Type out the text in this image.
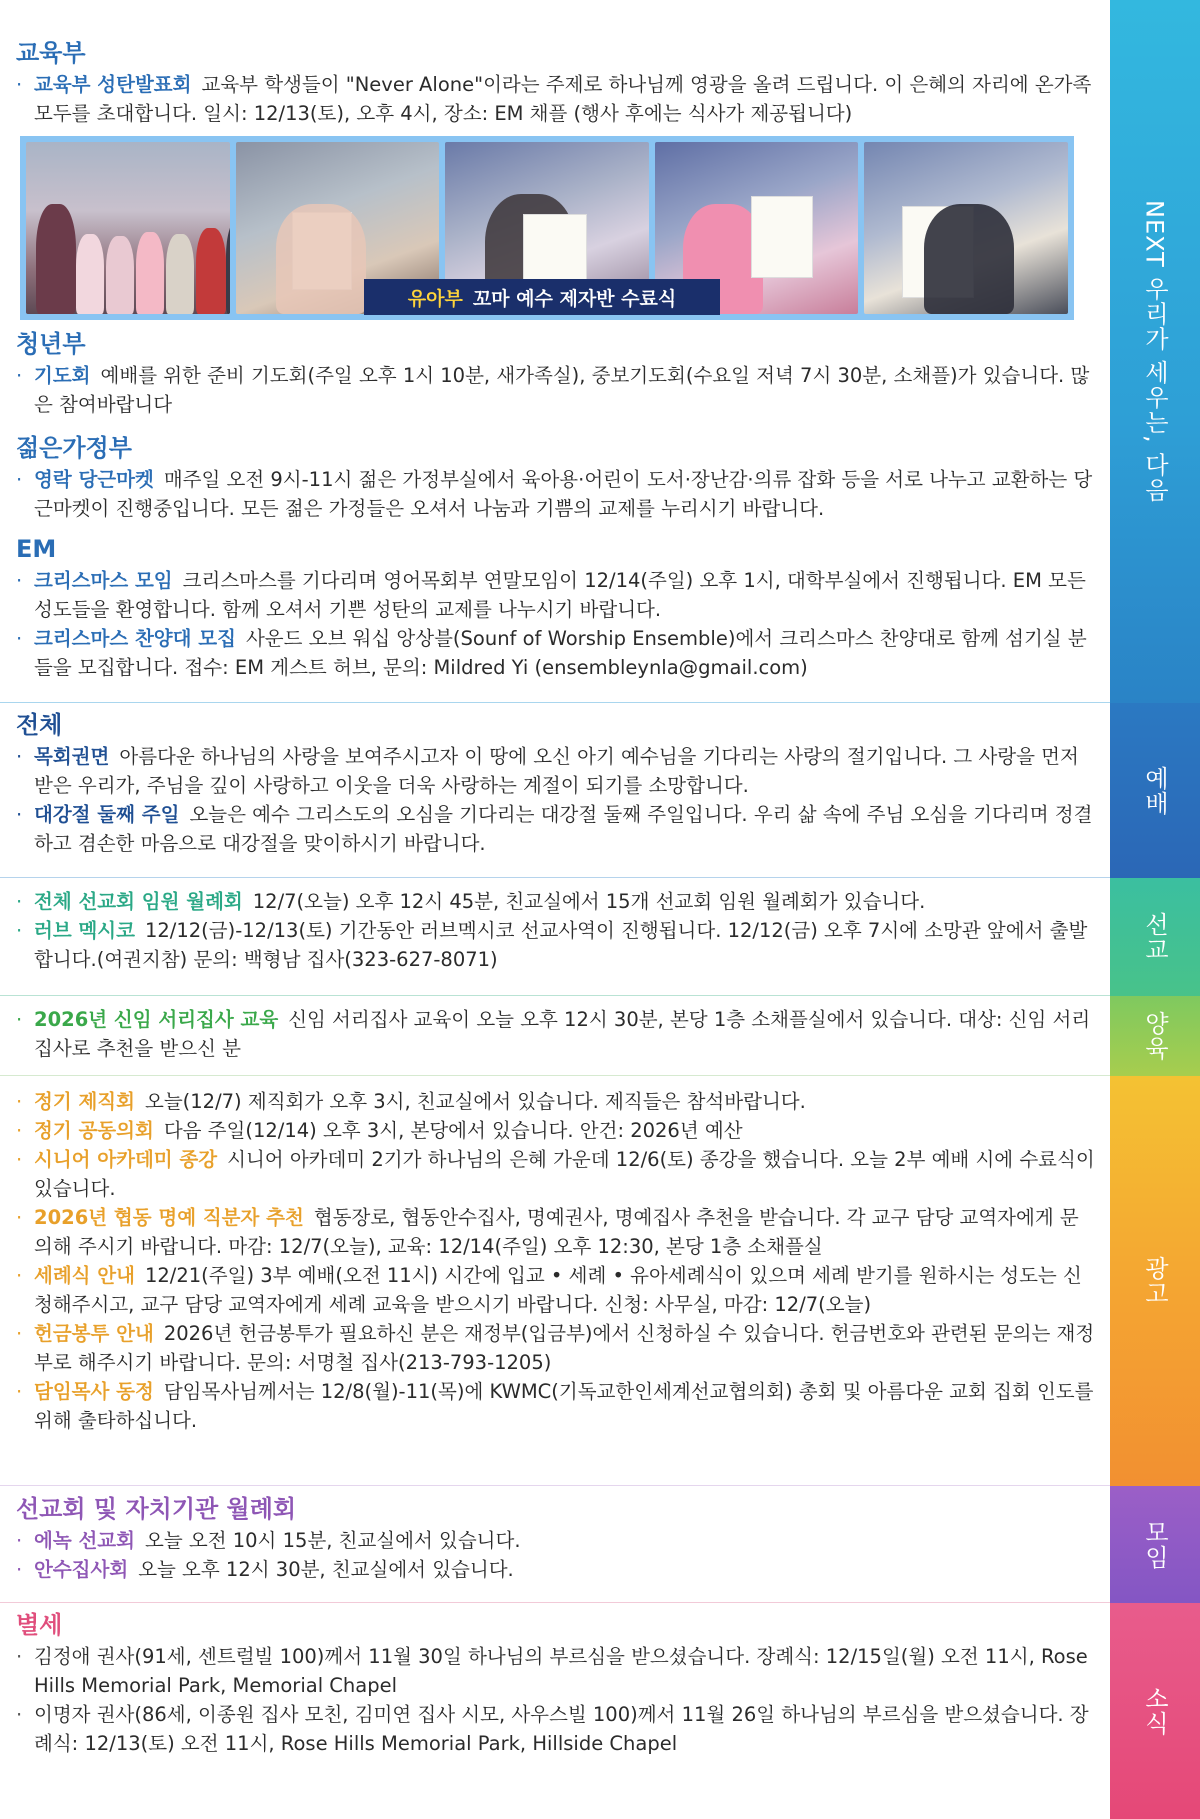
NEXT 우리가 세우는, 다음
예배
선교
양육
광고
모임
소식
교육부
· 교육부 성탄발표회 교육부 학생들이 "Never Alone"이라는 주제로 하나님께 영광을 올려 드립니다. 이 은혜의 자리에 온가족 모두를 초대합니다. 일시: 12/13(토), 오후 4시, 장소: EM 채플 (행사 후에는 식사가 제공됩니다)
유아부 꼬마 예수 제자반 수료식
청년부
· 기도회 예배를 위한 준비 기도회(주일 오후 1시 10분, 새가족실), 중보기도회(수요일 저녁 7시 30분, 소채플)가 있습니다. 많은 참여바랍니다
젊은가정부
· 영락 당근마켓 매주일 오전 9시-11시 젊은 가정부실에서 육아용·어린이 도서·장난감·의류 잡화 등을 서로 나누고 교환하는 당근마켓이 진행중입니다. 모든 젊은 가정들은 오셔서 나눔과 기쁨의 교제를 누리시기 바랍니다.
EM
· 크리스마스 모임 크리스마스를 기다리며 영어목회부 연말모임이 12/14(주일) 오후 1시, 대학부실에서 진행됩니다. EM 모든 성도들을 환영합니다. 함께 오셔서 기쁜 성탄의 교제를 나누시기 바랍니다.
· 크리스마스 찬양대 모집 사운드 오브 워십 앙상블(Sounf of Worship Ensemble)에서 크리스마스 찬양대로 함께 섬기실 분들을 모집합니다. 접수: EM 게스트 허브, 문의: Mildred Yi (ensembleynla@gmail.com)
전체
· 목회권면 아름다운 하나님의 사랑을 보여주시고자 이 땅에 오신 아기 예수님을 기다리는 사랑의 절기입니다. 그 사랑을 먼저 받은 우리가, 주님을 깊이 사랑하고 이웃을 더욱 사랑하는 계절이 되기를 소망합니다.
· 대강절 둘째 주일 오늘은 예수 그리스도의 오심을 기다리는 대강절 둘째 주일입니다. 우리 삶 속에 주님 오심을 기다리며 정결하고 겸손한 마음으로 대강절을 맞이하시기 바랍니다.
· 전체 선교회 임원 월례회 12/7(오늘) 오후 12시 45분, 친교실에서 15개 선교회 임원 월례회가 있습니다.
· 러브 멕시코 12/12(금)-12/13(토) 기간동안 러브멕시코 선교사역이 진행됩니다. 12/12(금) 오후 7시에 소망관 앞에서 출발합니다.(여권지참) 문의: 백형남 집사(323-627-8071)
· 2026년 신임 서리집사 교육 신임 서리집사 교육이 오늘 오후 12시 30분, 본당 1층 소채플실에서 있습니다. 대상: 신임 서리집사로 추천을 받으신 분
· 정기 제직회 오늘(12/7) 제직회가 오후 3시, 친교실에서 있습니다. 제직들은 참석바랍니다.
· 정기 공동의회 다음 주일(12/14) 오후 3시, 본당에서 있습니다. 안건: 2026년 예산
· 시니어 아카데미 종강 시니어 아카데미 2기가 하나님의 은혜 가운데 12/6(토) 종강을 했습니다. 오늘 2부 예배 시에 수료식이 있습니다.
· 2026년 협동 명예 직분자 추천 협동장로, 협동안수집사, 명예권사, 명예집사 추천을 받습니다. 각 교구 담당 교역자에게 문의해 주시기 바랍니다. 마감: 12/7(오늘), 교육: 12/14(주일) 오후 12:30, 본당 1층 소채플실
· 세례식 안내 12/21(주일) 3부 예배(오전 11시) 시간에 입교 • 세례 • 유아세례식이 있으며 세례 받기를 원하시는 성도는 신청해주시고, 교구 담당 교역자에게 세례 교육을 받으시기 바랍니다. 신청: 사무실, 마감: 12/7(오늘)
· 헌금봉투 안내 2026년 헌금봉투가 필요하신 분은 재정부(입금부)에서 신청하실 수 있습니다. 헌금번호와 관련된 문의는 재정부로 해주시기 바랍니다. 문의: 서명철 집사(213-793-1205)
· 담임목사 동정 담임목사님께서는 12/8(월)-11(목)에 KWMC(기독교한인세계선교협의회) 총회 및 아름다운 교회 집회 인도를 위해 출타하십니다.
선교회 및 자치기관 월례회
· 에녹 선교회 오늘 오전 10시 15분, 친교실에서 있습니다.
· 안수집사회 오늘 오후 12시 30분, 친교실에서 있습니다.
별세
· 김정애 권사(91세, 센트럴빌 100)께서 11월 30일 하나님의 부르심을 받으셨습니다. 장례식: 12/15일(월) 오전 11시, Rose Hills Memorial Park, Memorial Chapel
· 이명자 권사(86세, 이종원 집사 모친, 김미연 집사 시모, 사우스빌 100)께서 11월 26일 하나님의 부르심을 받으셨습니다. 장례식: 12/13(토) 오전 11시, Rose Hills Memorial Park, Hillside Chapel
